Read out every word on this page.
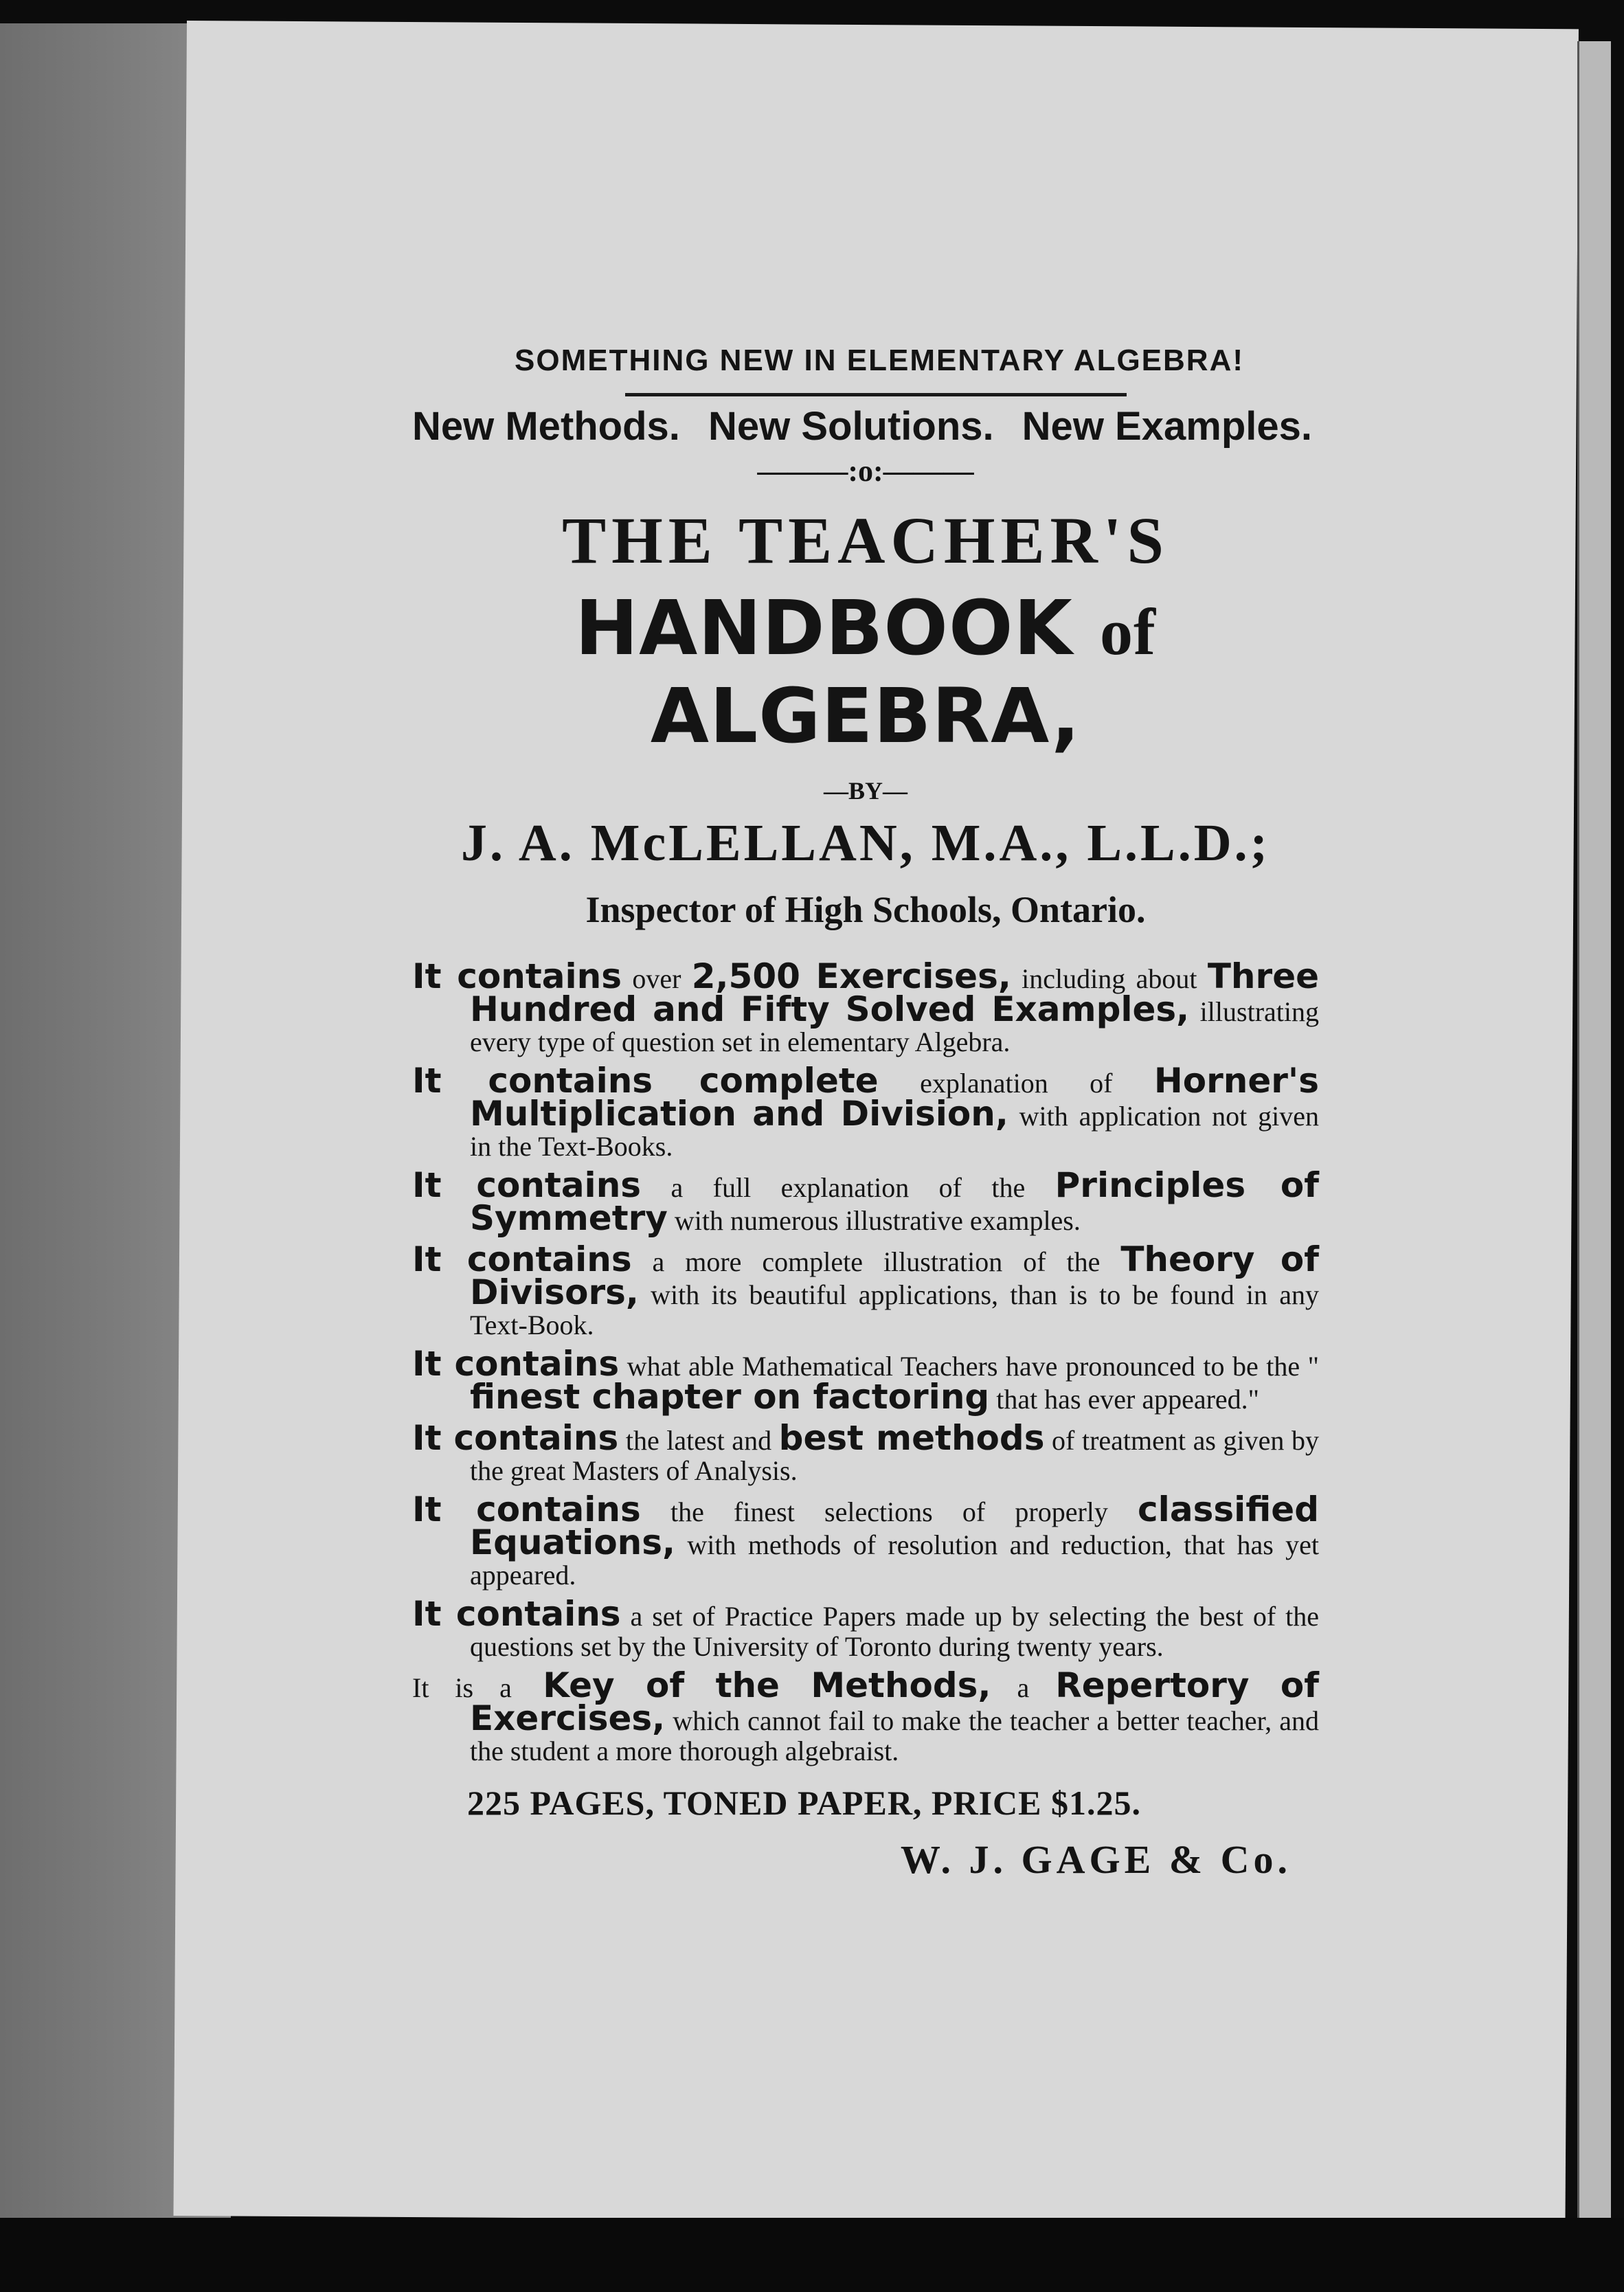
SOMETHING NEW IN ELEMENTARY ALGEBRA!
New Methods. New Solutions. New Examples.
———:o:———
THE TEACHER'S
HANDBOOK of ALGEBRA,
—BY—
J. A. McLELLAN, M.A., L.L.D.;
Inspector of High Schools, Ontario.
It contains over 2,500 Exercises, including about Three Hundred and Fifty Solved Examples, illustrating every type of question set in elementary Algebra.
It contains complete explanation of Horner's Multiplication and Division, with application not given in the Text-Books.
It contains a full explanation of the Principles of Symmetry with numerous illustrative examples.
It contains a more complete illustration of the Theory of Divisors, with its beautiful applications, than is to be found in any Text-Book.
It contains what able Mathematical Teachers have pronounced to be the " finest chapter on factoring that has ever appeared."
It contains the latest and best methods of treatment as given by the great Masters of Analysis.
It contains the finest selections of properly classified Equations, with methods of resolution and reduction, that has yet appeared.
It contains a set of Practice Papers made up by selecting the best of the questions set by the University of Toronto during twenty years.
It is a Key of the Methods, a Repertory of Exercises, which cannot fail to make the teacher a better teacher, and the student a more thorough algebraist.
225 PAGES, TONED PAPER, PRICE $1.25.
W. J. GAGE & Co.
